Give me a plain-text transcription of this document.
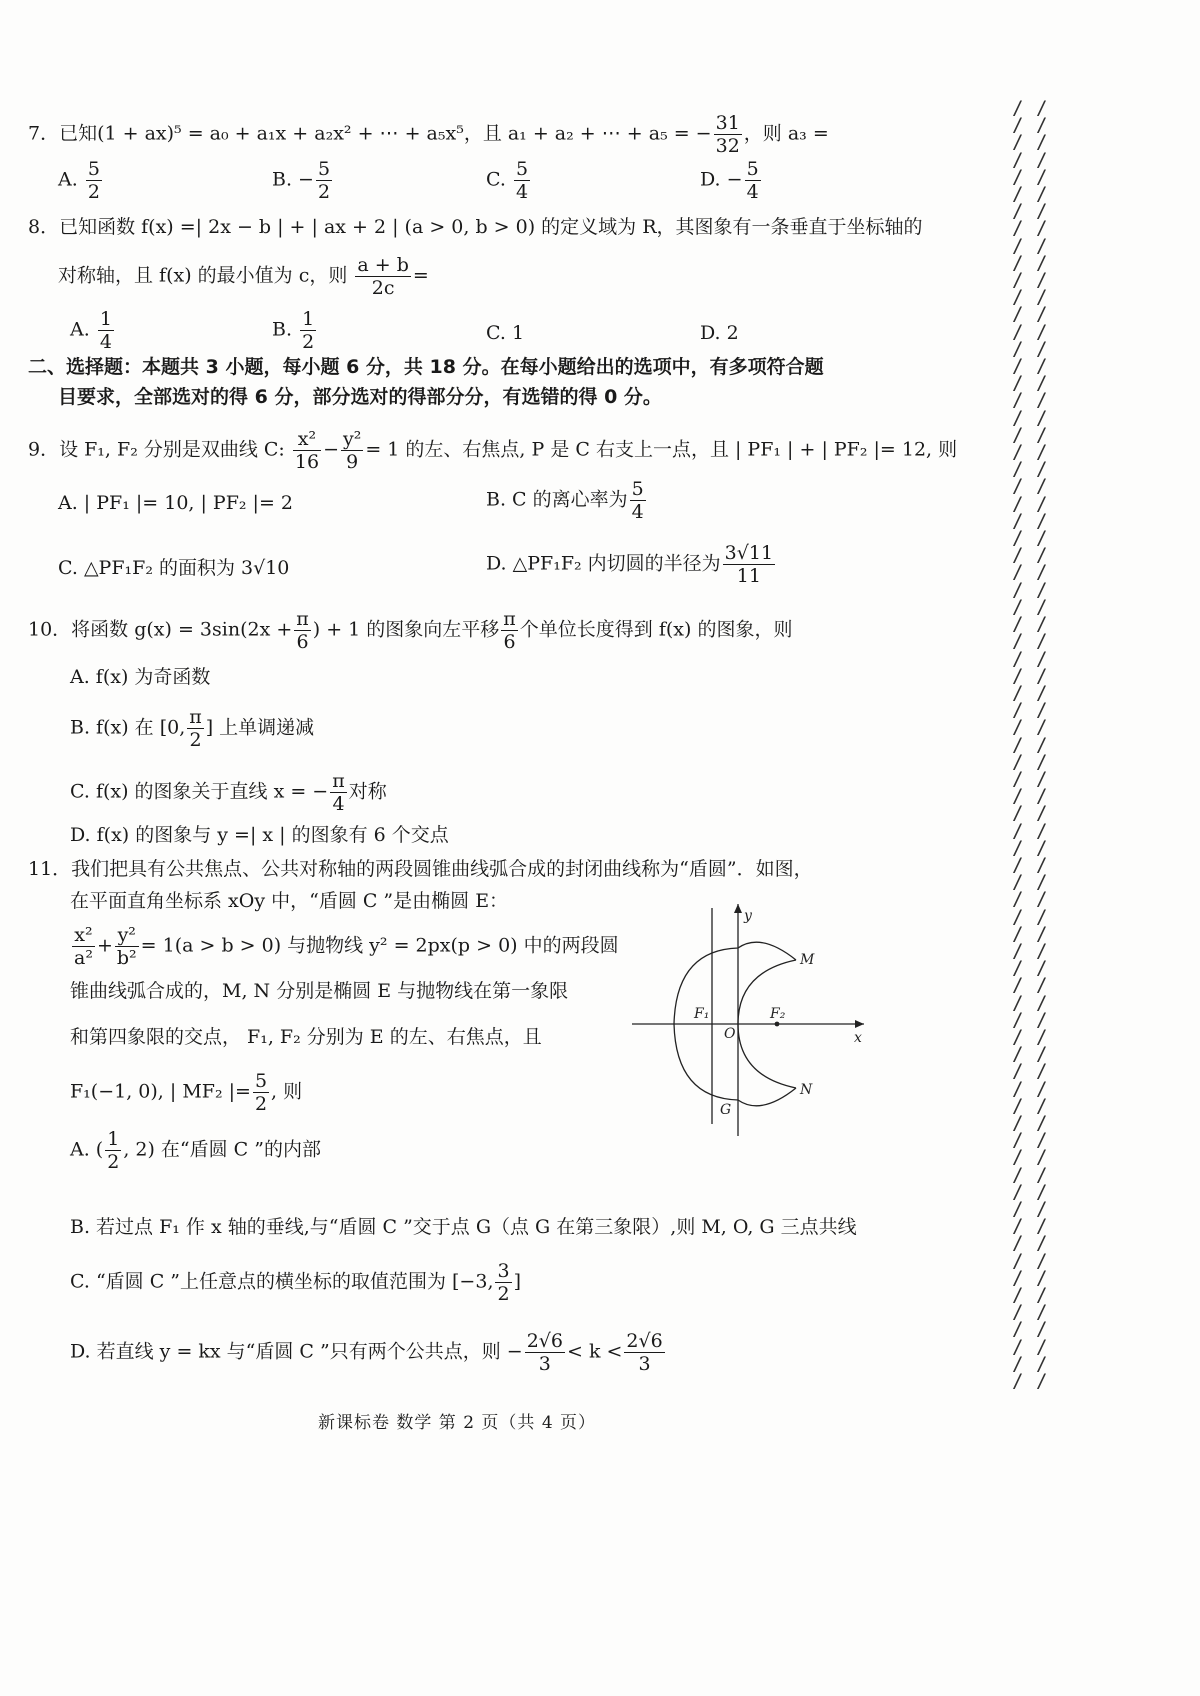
/
/
/
/
/
/
/
/
/
/
/
/
/
/
/
/
/
/
/
/
/
/
/
/
/
/
/
/
/
/
/
/
/
/
/
/
/
/
/
/
/
/
/
/
/
/
/
/
/
/
/
/
/
/
/
/
/
/
/
/
/
/
/
/
/
/
/
/
/
/
/
/
/
/
/
/
/
/
/
/
/
/
/
/
/
/
/
/
/
/
/
/
/
/
/
/
/
/
/
/
/
/
/
/
/
/
/
/
/
/
/
/
/
/
/
/
/
/
/
/
/
/
/
/
/
/
/
/
/
/
/
/
/
/
/
/
/
/
/
/
/
/
/
/
/
/
/
/
/
/
7．已知(1 + ax)⁵ = a₀ + a₁x + a₂x² + ⋯ + a₅x⁵，且 a₁ + a₂ + ⋯ + a₅ = − $\frac{31}{32}$ ，则 a₃ =
A. $\frac{5}{2}$	B. − $\frac{5}{2}$	C. $\frac{5}{4}$	D. − $\frac{5}{4}$
8．已知函数 f(x) =| 2x − b | + | ax + 2 | (a > 0, b > 0) 的定义域为 R，其图象有一条垂直于坐标轴的
对称轴，且 f(x) 的最小值为 c，则 $\frac{a + b}{2c}$ =
A. $\frac{1}{4}$	B. $\frac{1}{2}$	C. 1	D. 2
二、选择题：本题共 3 小题，每小题 6 分，共 18 分。在每小题给出的选项中，有多项符合题
目要求，全部选对的得 6 分，部分选对的得部分分，有选错的得 0 分。
9．设 F₁, F₂ 分别是双曲线 C: $\frac{\text{x²}}{16} - \frac{\text{y²}}{9} = 1$ 的左、右焦点, P 是 C 右支上一点，且 | PF₁ | + | PF₂ |= 12, 则
A. | PF₁ |= 10, | PF₂ |= 2	B. C 的离心率为 $\frac{5}{4}$
C. △PF₁F₂ 的面积为 3√10	D. △PF₁F₂ 内切圆的半径为 $\frac{3√11}{11}$
10．将函数 $g(x) = 3\sin(2x + \frac{\pi}{6}$ ) + 1 的图象向左平移 $\frac{\pi}{6}$ 个单位长度得到 f(x) 的图象，则
A. f(x) 为奇函数
B. f(x) 在 [0, $\frac{\pi}{2}$ ] 上单调递减
C. f(x) 的图象关于直线 x = − $\frac{\pi}{4}$ 对称
D. f(x) 的图象与 y =| x | 的图象有 6 个交点
11．我们把具有公共焦点、公共对称轴的两段圆锥曲线弧合成的封闭曲线称为“盾圆”．如图，
在平面直角坐标系 xOy 中，“盾圆 C ”是由椭圆 E：
$\frac{\text{x²}}{\text{a²}} + \frac{\text{y²}}{\text{b²}} = 1(a > b > 0)$ 与抛物线 y² = 2px(p > 0) 中的两段圆
锥曲线弧合成的，M, N 分别是椭圆 E 与抛物线在第一象限
和第四象限的交点， F₁, F₂ 分别为 E 的左、右焦点，且
F₁(−1, 0), | MF₂ |= $\frac{5}{2}$ , 则
y
x
M
N
F₁	F₂
O
G
A. ( $\frac{1}{2}$ , 2) 在“盾圆 C ”的内部
B. 若过点 F₁ 作 x 轴的垂线,与“盾圆 C ”交于点 G（点 G 在第三象限）,则 M, O, G 三点共线
C. “盾圆 C ”上任意点的横坐标的取值范围为 [−3, $\frac{3}{2}$ ]
D. 若直线 y = kx 与“盾圆 C ”只有两个公共点，则 − $\frac{2√6}{3} < k < \frac{2√6}{3}$
新课标卷 数学 第 2 页（共 4 页）
